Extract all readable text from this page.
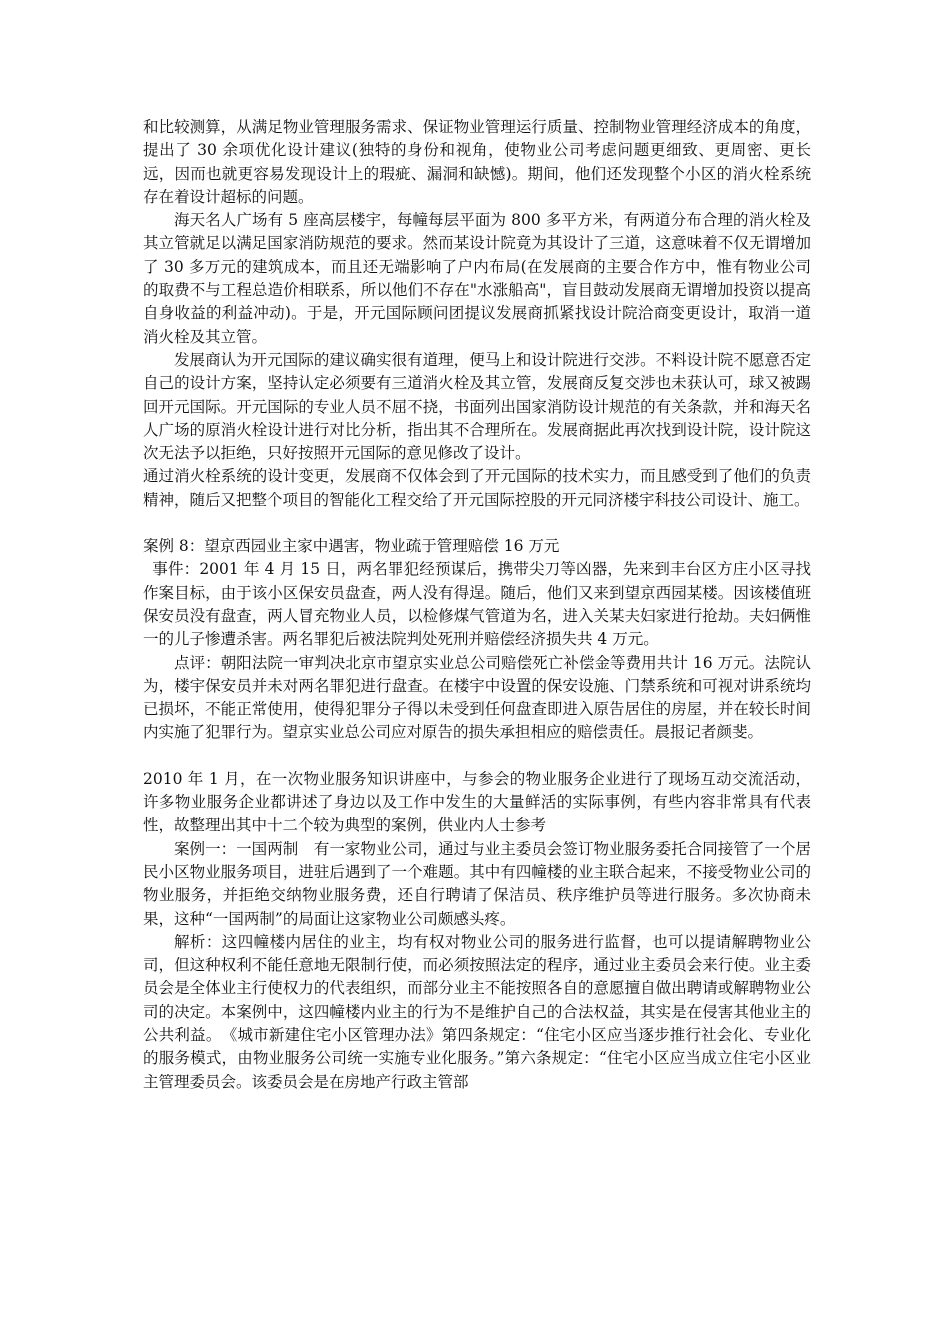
和比较测算，从满足物业管理服务需求、保证物业管理运行质量、控制物业管理经济成本的角度，提出了 30 余项优化设计建议(独特的身份和视角，使物业公司考虑问题更细致、更周密、更长远，因而也就更容易发现设计上的瑕疵、漏洞和缺憾)。期间，他们还发现整个小区的消火栓系统存在着设计超标的问题。

海天名人广场有 5 座高层楼宇，每幢每层平面为 800 多平方米，有两道分布合理的消火栓及其立管就足以满足国家消防规范的要求。然而某设计院竟为其设计了三道，这意味着不仅无谓增加了 30 多万元的建筑成本，而且还无端影响了户内布局(在发展商的主要合作方中，惟有物业公司的取费不与工程总造价相联系，所以他们不存在"水涨船高"，盲目鼓动发展商无谓增加投资以提高自身收益的利益冲动)。于是，开元国际顾问团提议发展商抓紧找设计院洽商变更设计，取消一道消火栓及其立管。

发展商认为开元国际的建议确实很有道理，便马上和设计院进行交涉。不料设计院不愿意否定自己的设计方案，坚持认定必须要有三道消火栓及其立管，发展商反复交涉也未获认可，球又被踢回开元国际。开元国际的专业人员不屈不挠，书面列出国家消防设计规范的有关条款，并和海天名人广场的原消火栓设计进行对比分析，指出其不合理所在。发展商据此再次找到设计院，设计院这次无法予以拒绝，只好按照开元国际的意见修改了设计。

通过消火栓系统的设计变更，发展商不仅体会到了开元国际的技术实力，而且感受到了他们的负责精神，随后又把整个项目的智能化工程交给了开元国际控股的开元同济楼宇科技公司设计、施工。

案例 8：望京西园业主家中遇害，物业疏于管理赔偿 16 万元

事件：2001 年 4 月 15 日，两名罪犯经预谋后，携带尖刀等凶器，先来到丰台区方庄小区寻找作案目标，由于该小区保安员盘查，两人没有得逞。随后，他们又来到望京西园某楼。因该楼值班保安员没有盘查，两人冒充物业人员，以检修煤气管道为名，进入关某夫妇家进行抢劫。夫妇俩惟一的儿子惨遭杀害。两名罪犯后被法院判处死刑并赔偿经济损失共 4 万元。

点评：朝阳法院一审判决北京市望京实业总公司赔偿死亡补偿金等费用共计 16 万元。法院认为，楼宇保安员并未对两名罪犯进行盘查。在楼宇中设置的保安设施、门禁系统和可视对讲系统均已损坏，不能正常使用，使得犯罪分子得以未受到任何盘查即进入原告居住的房屋，并在较长时间内实施了犯罪行为。望京实业总公司应对原告的损失承担相应的赔偿责任。晨报记者颜斐。

2010 年 1 月，在一次物业服务知识讲座中，与参会的物业服务企业进行了现场互动交流活动，许多物业服务企业都讲述了身边以及工作中发生的大量鲜活的实际事例，有些内容非常具有代表性，故整理出其中十二个较为典型的案例，供业内人士参考

案例一：一国两制　有一家物业公司，通过与业主委员会签订物业服务委托合同接管了一个居民小区物业服务项目，进驻后遇到了一个难题。其中有四幢楼的业主联合起来，不接受物业公司的物业服务，并拒绝交纳物业服务费，还自行聘请了保洁员、秩序维护员等进行服务。多次协商未果，这种“一国两制”的局面让这家物业公司颇感头疼。

解析：这四幢楼内居住的业主，均有权对物业公司的服务进行监督，也可以提请解聘物业公司，但这种权利不能任意地无限制行使，而必须按照法定的程序，通过业主委员会来行使。业主委员会是全体业主行使权力的代表组织，而部分业主不能按照各自的意愿擅自做出聘请或解聘物业公司的决定。本案例中，这四幢楼内业主的行为不是维护自己的合法权益，其实是在侵害其他业主的公共利益。　《城市新建住宅小区管理办法》第四条规定：“住宅小区应当逐步推行社会化、专业化的服务模式，由物业服务公司统一实施专业化服务。”第六条规定：“住宅小区应当成立住宅小区业主管理委员会。该委员会是在房地产行政主管部
